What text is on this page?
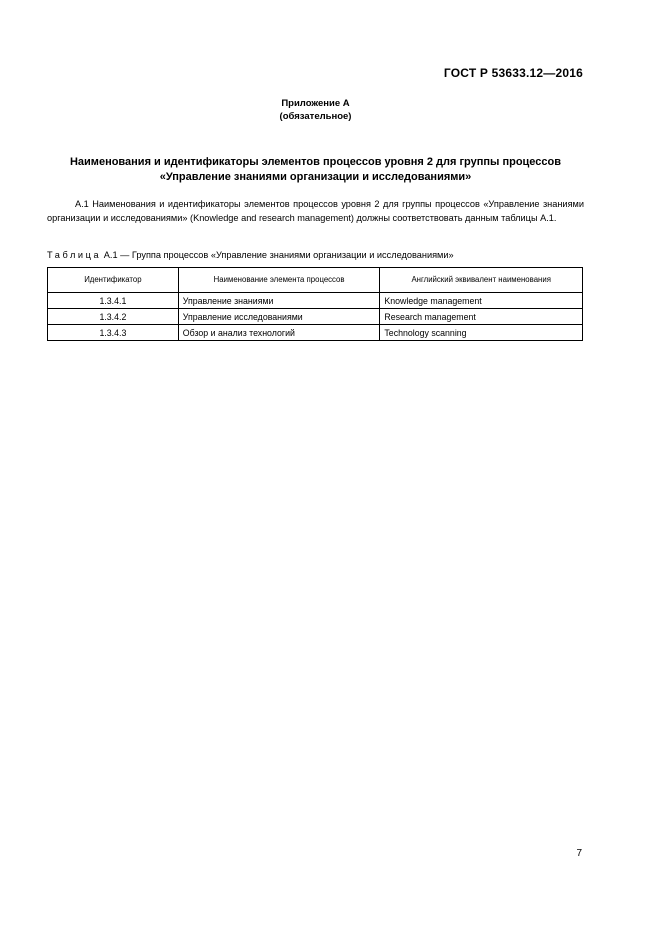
ГОСТ Р 53633.12—2016
Приложение А
(обязательное)
Наименования и идентификаторы элементов процессов уровня 2 для группы процессов
«Управление знаниями организации и исследованиями»
А.1 Наименования и идентификаторы элементов процессов уровня 2 для группы процессов «Управление знаниями организации и исследованиями» (Knowledge and research management) должны соответствовать данным таблицы А.1.
Таблица А.1 — Группа процессов «Управление знаниями организации и исследованиями»
Идентификатор	Наименование элемента процессов	Английский эквивалент наименования
1.3.4.1	Управление знаниями	Knowledge management
1.3.4.2	Управление исследованиями	Research management
1.3.4.3	Обзор и анализ технологий	Technology scanning
7
